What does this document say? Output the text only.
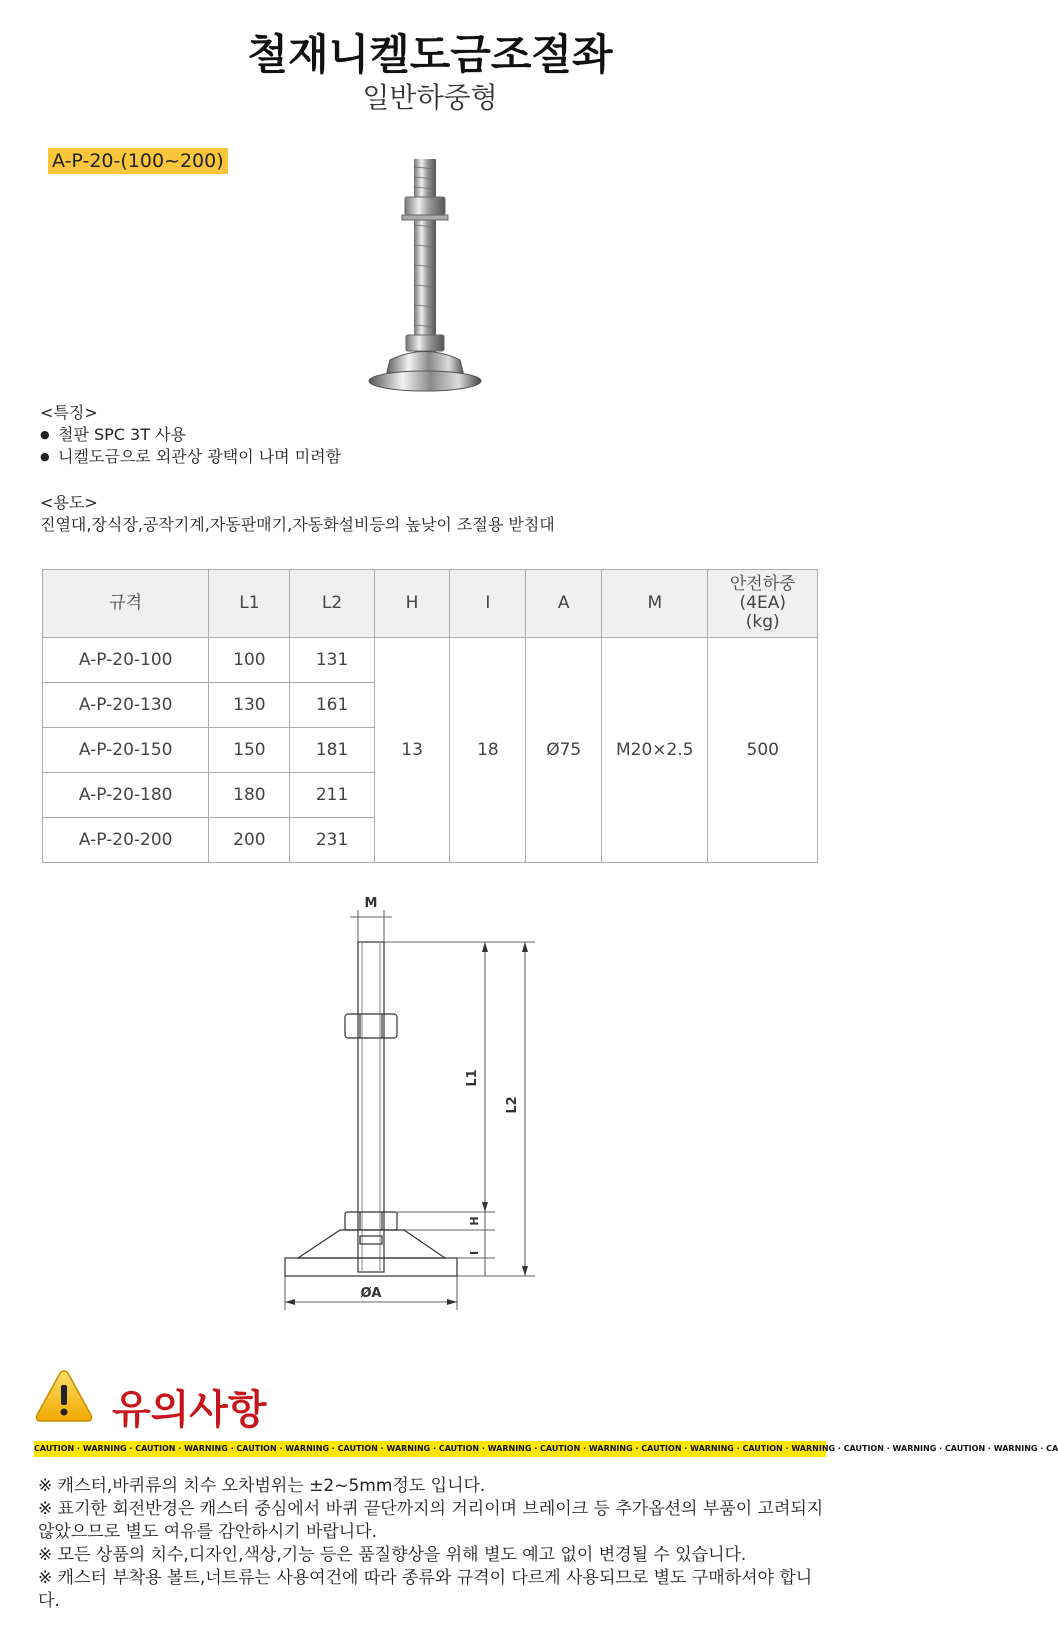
철재니켈도금조절좌
일반하중형
A-P-20-(100~200)
<특징>
● 철판 SPC 3T 사용
● 니켈도금으로 외관상 광택이 나며 미려함
<용도>
진열대,장식장,공작기계,자동판매기,자동화설비등의 높낮이 조절용 받침대
규격	L1	L2	H	I	A	M	안전하중
(4EA)
(kg)
A-P-20-100	100	131	13	18	Ø75	M20×2.5	500
A-P-20-130	130	161					
A-P-20-150	150	181					
A-P-20-180	180	211					
A-P-20-200	200	231					
M
L1
L2
H
I
ØA
유의사항
CAUTION · WARNING · CAUTION · WARNING · CAUTION · WARNING · CAUTION · WARNING · CAUTION · WARNING · CAUTION · WARNING · CAUTION · WARNING · CAUTION · WARNING · CAUTION · WARNING · CAUTION · WARNING · CA

※ 캐스터,바퀴류의 치수 오차범위는 ±2~5mm정도 입니다.

※ 표기한 회전반경은 캐스터 중심에서 바퀴 끝단까지의 거리이며 브레이크 등 추가옵션의 부품이 고려되지 않았으므로 별도 여유를 감안하시기 바랍니다.

※ 모든 상품의 치수,디자인,색상,기능 등은 품질향상을 위해 별도 예고 없이 변경될 수 있습니다.

※ 캐스터 부착용 볼트,너트류는 사용여건에 따라 종류와 규격이 다르게 사용되므로 별도 구매하셔야 합니다.
